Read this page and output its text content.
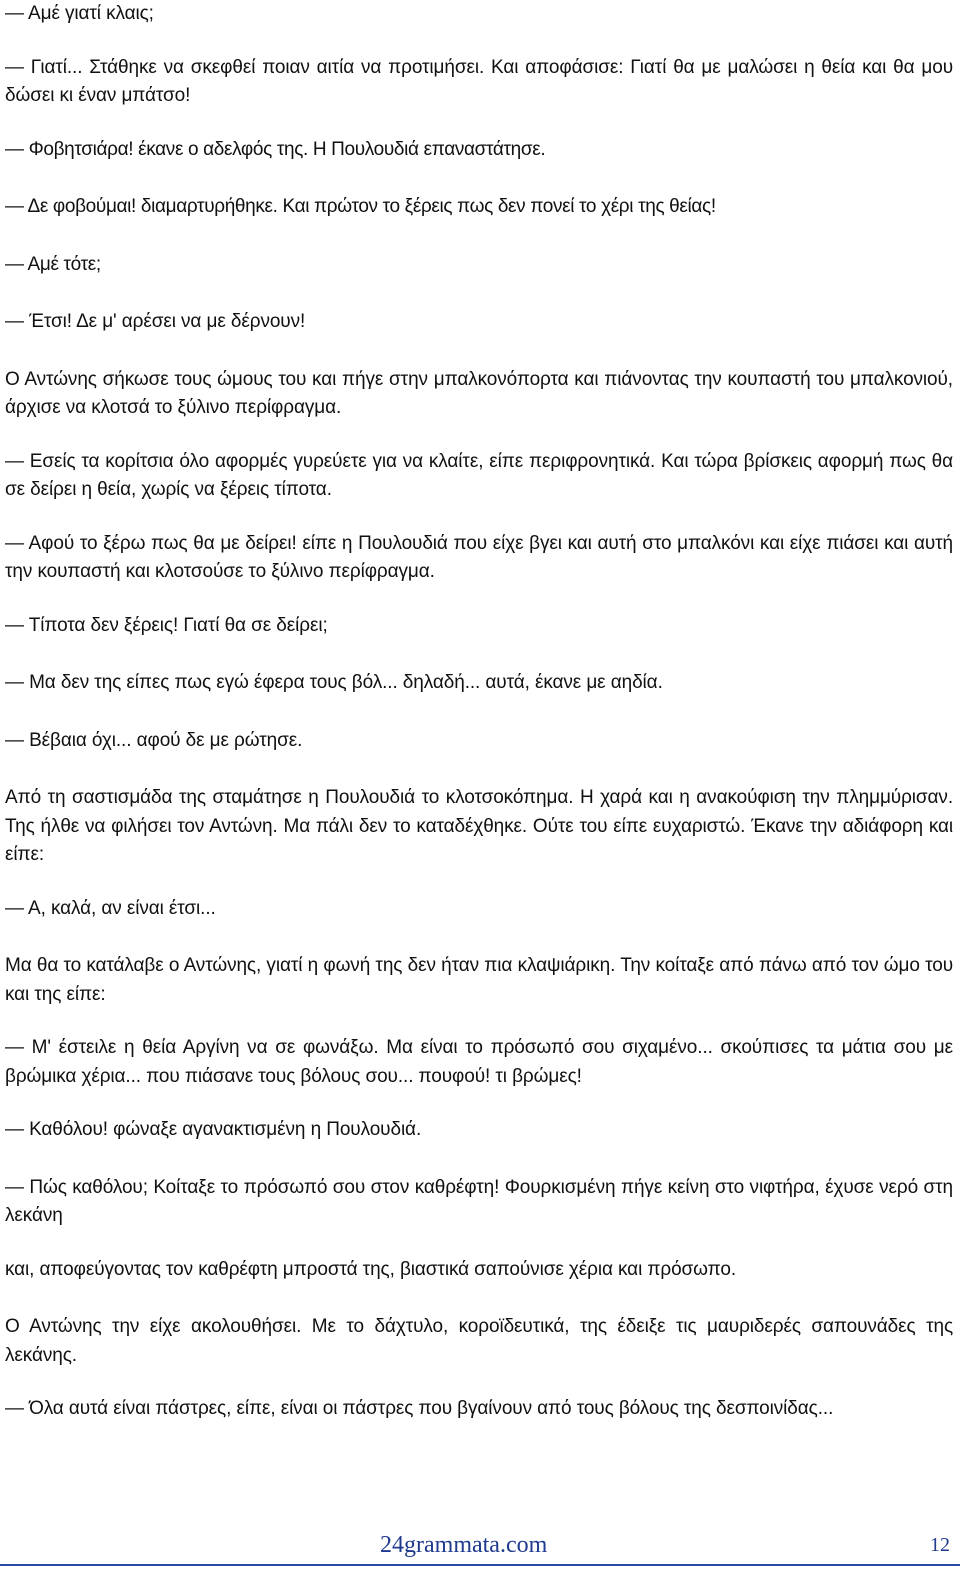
— Αμέ γιατί κλαις;

— Γιατί... Στάθηκε να σκεφθεί ποιαν αιτία να προτιμήσει. Και αποφάσισε: Γιατί θα με μαλώσει η θεία και θα μου δώσει κι έναν μπάτσο!

— Φοβητσιάρα! έκανε ο αδελφός της. Η Πουλουδιά επαναστάτησε.

— Δε φοβούμαι! διαμαρτυρήθηκε. Και πρώτον το ξέρεις πως δεν πονεί το χέρι της θείας!

— Αμέ τότε;

— Έτσι! Δε μ' αρέσει να με δέρνουν!

Ο Αντώνης σήκωσε τους ώμους του και πήγε στην μπαλκονόπορτα και πιάνοντας την κουπαστή του μπαλκονιού, άρχισε να κλοτσά το ξύλινο περίφραγμα.

— Εσείς τα κορίτσια όλο αφορμές γυρεύετε για να κλαίτε, είπε περιφρονητικά. Και τώρα βρίσκεις αφορμή πως θα σε δείρει η θεία, χωρίς να ξέρεις τίποτα.

— Αφού το ξέρω πως θα με δείρει! είπε η Πουλουδιά που είχε βγει και αυτή στο μπαλκόνι και είχε πιάσει και αυτή την κουπαστή και κλοτσούσε το ξύλινο περίφραγμα.

— Τίποτα δεν ξέρεις! Γιατί θα σε δείρει;

— Μα δεν της είπες πως εγώ έφερα τους βόλ... δηλαδή... αυτά, έκανε με αηδία.

— Βέβαια όχι... αφού δε με ρώτησε.

Από τη σαστισμάδα της σταμάτησε η Πουλουδιά το κλοτσοκόπημα. Η χαρά και η ανακούφιση την πλημμύρισαν. Της ήλθε να φιλήσει τον Αντώνη. Μα πάλι δεν το καταδέχθηκε. Ούτε του είπε ευχαριστώ. Έκανε την αδιάφορη και είπε:

— Α, καλά, αν είναι έτσι...

Μα θα το κατάλαβε ο Αντώνης, γιατί η φωνή της δεν ήταν πια κλαψιάρικη. Την κοίταξε από πάνω από τον ώμο του και της είπε:

— Μ' έστειλε η θεία Αργίνη να σε φωνάξω. Μα είναι το πρόσωπό σου σιχαμένο... σκούπισες τα μάτια σου με βρώμικα χέρια... που πιάσανε τους βόλους σου... πουφού! τι βρώμες!

— Καθόλου! φώναξε αγανακτισμένη η Πουλουδιά.

— Πώς καθόλου; Κοίταξε το πρόσωπό σου στον καθρέφτη! Φουρκισμένη πήγε κείνη στο νιφτήρα, έχυσε νερό στη λεκάνη

και, αποφεύγοντας τον καθρέφτη μπροστά της, βιαστικά σαπούνισε χέρια και πρόσωπο.

Ο Αντώνης την είχε ακολουθήσει. Με το δάχτυλο, κοροϊδευτικά, της έδειξε τις μαυριδερές σαπουνάδες της λεκάνης.

— Όλα αυτά είναι πάστρες, είπε, είναι οι πάστρες που βγαίνουν από τους βόλους της δεσποινίδας...

24grammata.com	12
